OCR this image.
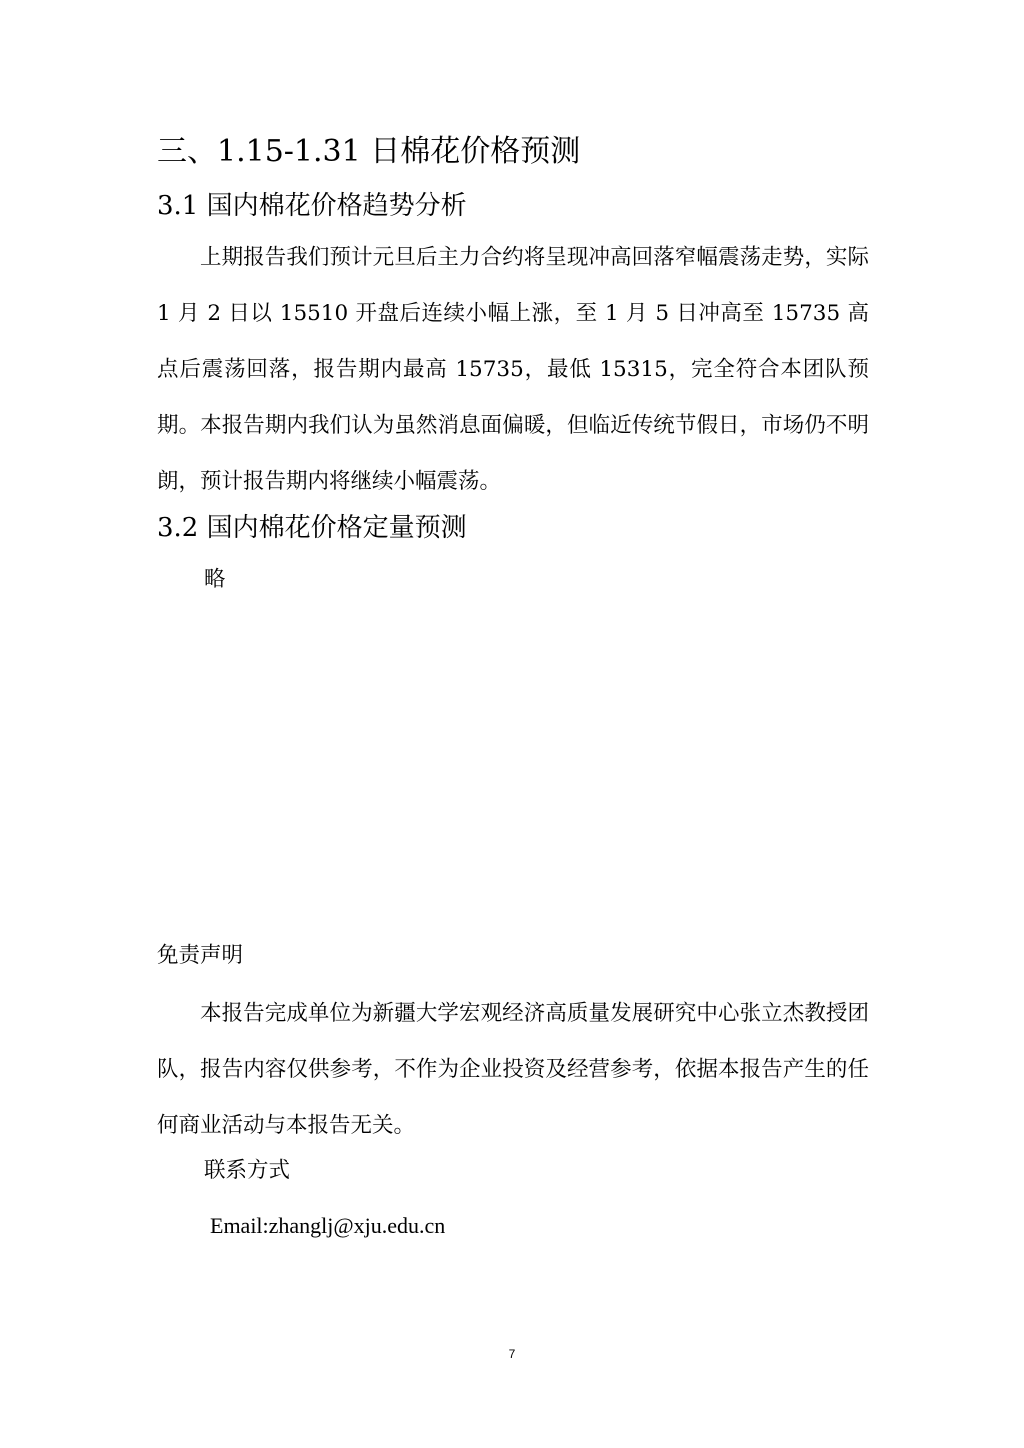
三、1.15-1.31 日棉花价格预测
3.1 国内棉花价格趋势分析

上期报告我们预计元旦后主力合约将呈现冲高回落窄幅震荡走势，实际 1 月 2 日以 15510 开盘后连续小幅上涨，至 1 月 5 日冲高至 15735 高点后震荡回落，报告期内最高 15735，最低 15315，完全符合本团队预期。本报告期内我们认为虽然消息面偏暖，但临近传统节假日，市场仍不明朗，预计报告期内将继续小幅震荡。

3.2 国内棉花价格定量预测
略
免责声明

本报告完成单位为新疆大学宏观经济高质量发展研究中心张立杰教授团队，报告内容仅供参考，不作为企业投资及经营参考，依据本报告产生的任何商业活动与本报告无关。

联系方式
Email:zhanglj@xju.edu.cn
7
